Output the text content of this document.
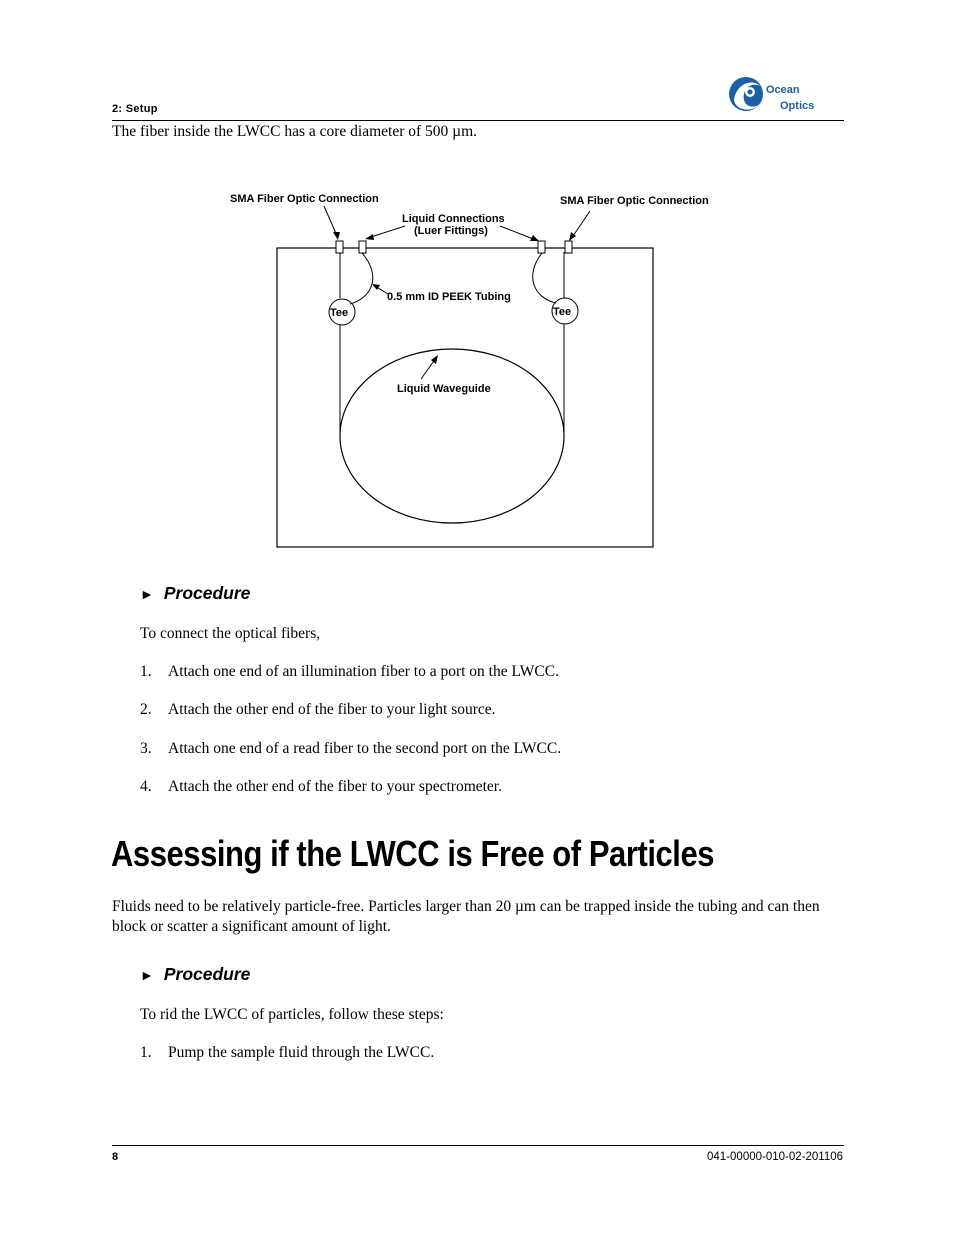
2: Setup
Ocean
Optics
The fiber inside the LWCC has a core diameter of 500 µm.
Tee	Tee
SMA Fiber Optic Connection	SMA Fiber Optic Connection
Liquid Connections
(Luer Fittings)
0.5 mm ID PEEK Tubing
Liquid Waveguide
► Procedure
To connect the optical fibers,
1. Attach one end of an illumination fiber to a port on the LWCC.
2. Attach the other end of the fiber to your light source.
3. Attach one end of a read fiber to the second port on the LWCC.
4. Attach the other end of the fiber to your spectrometer.
Assessing if the LWCC is Free of Particles
Fluids need to be relatively particle-free. Particles larger than 20 µm can be trapped inside the tubing and can then block or scatter a significant amount of light.
► Procedure
To rid the LWCC of particles, follow these steps:
1. Pump the sample fluid through the LWCC.
8	041-00000-010-02-201106
